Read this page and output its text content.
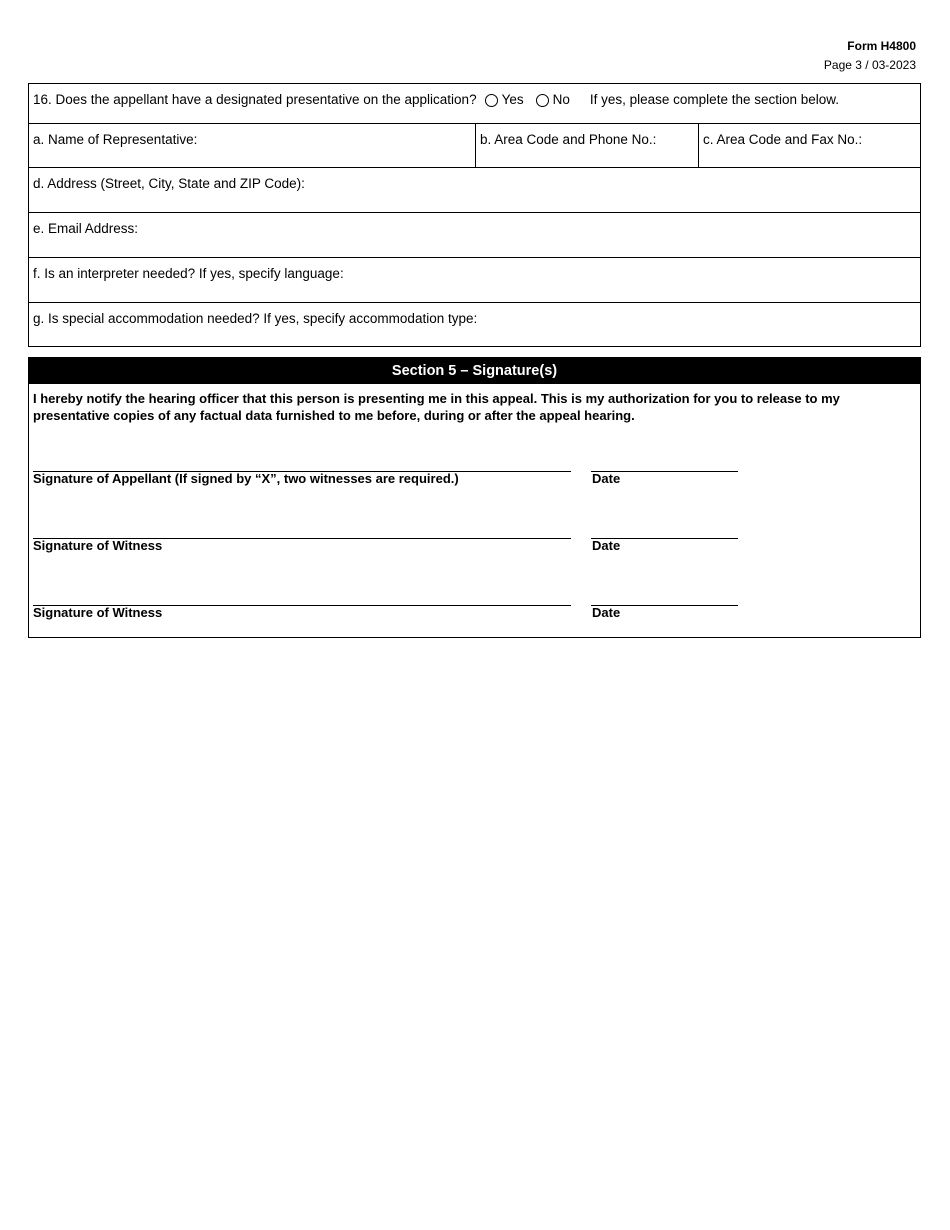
Form H4800
Page 3 / 03-2023
16. Does the appellant have a designated presentative on the application? Yes No If yes, please complete the section below.
a. Name of Representative:	b. Area Code and Phone No.:	c. Area Code and Fax No.:
d. Address (Street, City, State and ZIP Code):
e. Email Address:
f. Is an interpreter needed? If yes, specify language:
g. Is special accommodation needed? If yes, specify accommodation type:
Section 5 – Signature(s)
I hereby notify the hearing officer that this person is presenting me in this appeal. This is my authorization for you to release to my presentative copies of any factual data furnished to me before, during or after the appeal hearing.
Signature of Appellant (If signed by “X”, two witnesses are required.)	Date
Signature of Witness	Date
Signature of Witness	Date
